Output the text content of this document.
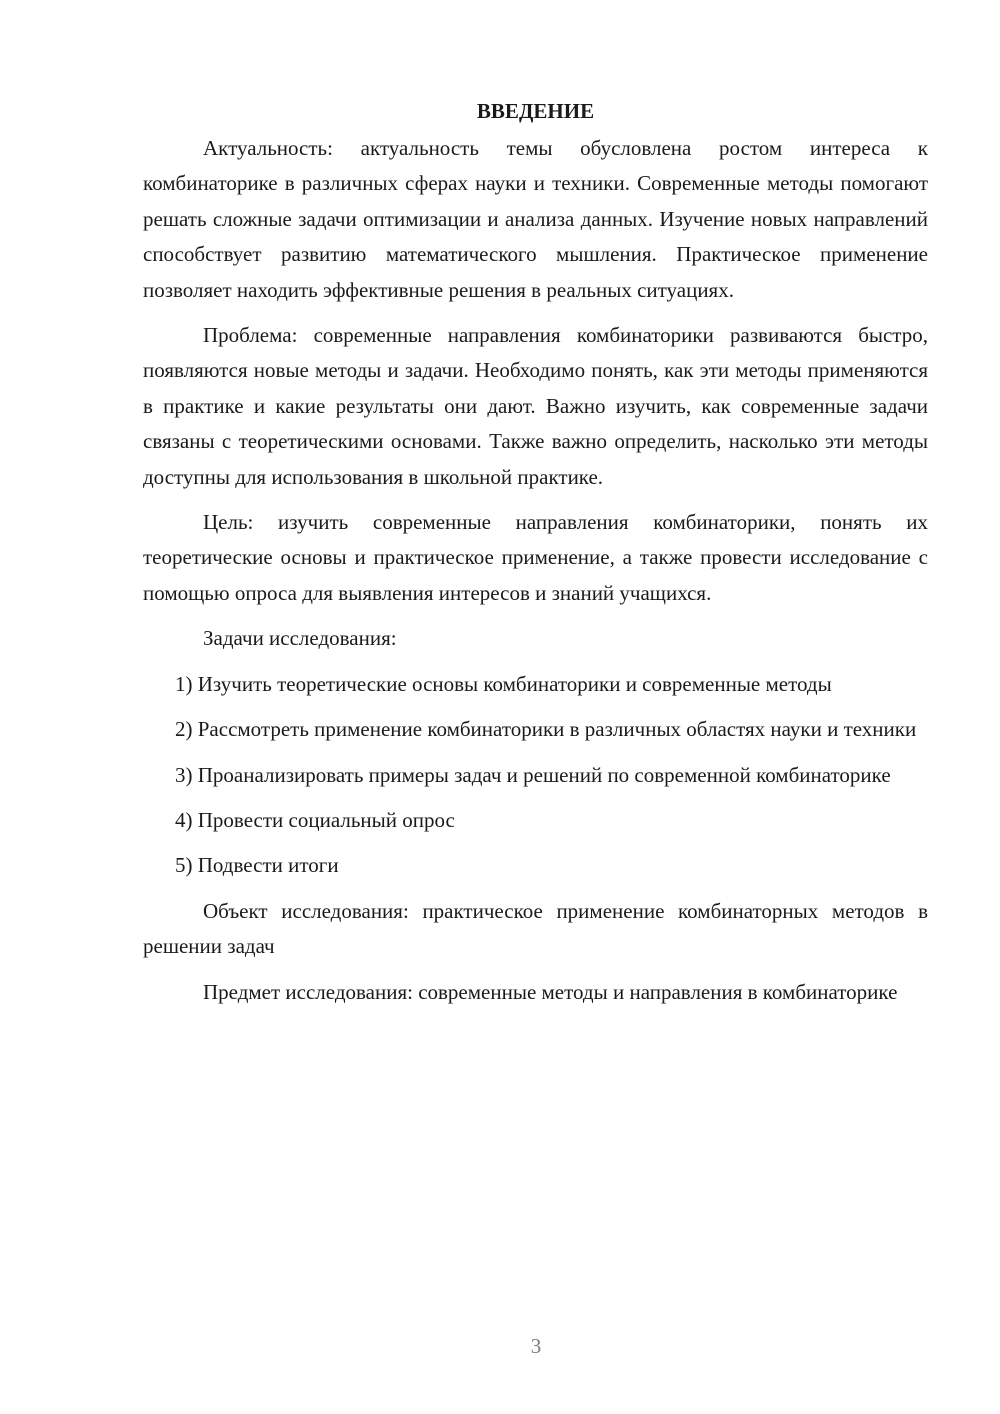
ВВЕДЕНИЕ

Актуальность: актуальность темы обусловлена ростом интереса к комбинаторике в различных сферах науки и техники. Современные методы помогают решать сложные задачи оптимизации и анализа данных. Изучение новых направлений способствует развитию математического мышления. Практическое применение позволяет находить эффективные решения в реальных ситуациях.

Проблема: современные направления комбинаторики развиваются быстро, появляются новые методы и задачи. Необходимо понять, как эти методы применяются в практике и какие результаты они дают. Важно изучить, как современные задачи связаны с теоретическими основами. Также важно определить, насколько эти методы доступны для использования в школьной практике.

Цель: изучить современные направления комбинаторики, понять их теоретические основы и практическое применение, а также провести исследование с помощью опроса для выявления интересов и знаний учащихся.

Задачи исследования:

1) Изучить теоретические основы комбинаторики и современные методы

2) Рассмотреть применение комбинаторики в различных областях науки и техники

3) Проанализировать примеры задач и решений по современной комбинаторике

4) Провести социальный опрос

5) Подвести итоги

Объект исследования: практическое применение комбинаторных методов в решении задач

Предмет исследования: современные методы и направления в комбинаторике

3
